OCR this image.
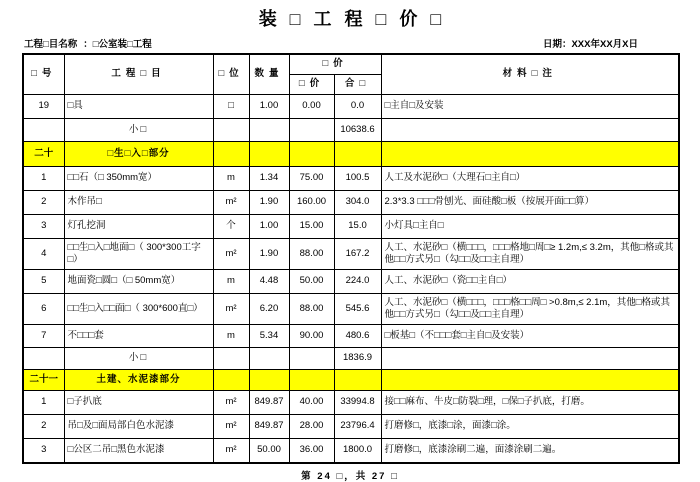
装□工程□价□
工程□目名称 ：□公室装□工程	日期：XXX年XX月X日
□号	工程□目	□位	数量	□价		材料□注
				□价	合□	
19	□具	□	1.00	0.00	0.0	□主自□及安装
	小□				10638.6	
二十	□生□入□部分					
1	□□石（□ 350mm宽）	m	1.34	75.00	100.5	人工及水泥砂□（大理石□主自□）
2	木作吊□	m²	1.90	160.00	304.0	2.3*3.3 □□□骨刨光、面硅酸□板（按展开面□□算）
3	灯孔挖洞	个	1.00	15.00	15.0	小灯具□主自□
4	□□生□入□地面□（ 300*300工字□）	m²	1.90	88.00	167.2	人工、水泥砂□（横□□□，□□□格地□周□≥ 1.2m,≤ 3.2m，其他□格或其他□□方式另□（勾□□及□□主自理）
5	地面瓷□圆□（□ 50mm宽）	m	4.48	50.00	224.0	人工、水泥砂□（瓷□□主自□）
6	□□生□入□□面□（ 300*600直□）	m²	6.20	88.00	545.6	人工、水泥砂□（横□□□，□□□格□□周□ >0.8m,≤ 2.1m，其他□格或其他□□方式另□（勾□□及□□主自理）
7	不□□□套	m	5.34	90.00	480.6	□板基□（不□□□套□主自□及安装）
	小□				1836.9	
二十一	土建、水泥漆部分					
1	□子扒底	m²	849.87	40.00	33994.8	接□□麻布、牛皮□防裂□理，□保□子扒底，打磨。
2	吊□及□面局部白色水泥漆	m²	849.87	28.00	23796.4	打磨修□，底漆□涂，面漆□涂。
3	□公区二吊□黑色水泥漆	m²	50.00	36.00	1800.0	打磨修□，底漆涂刷二遍，面漆涂刷二遍。
第 24 □，共 27 □
